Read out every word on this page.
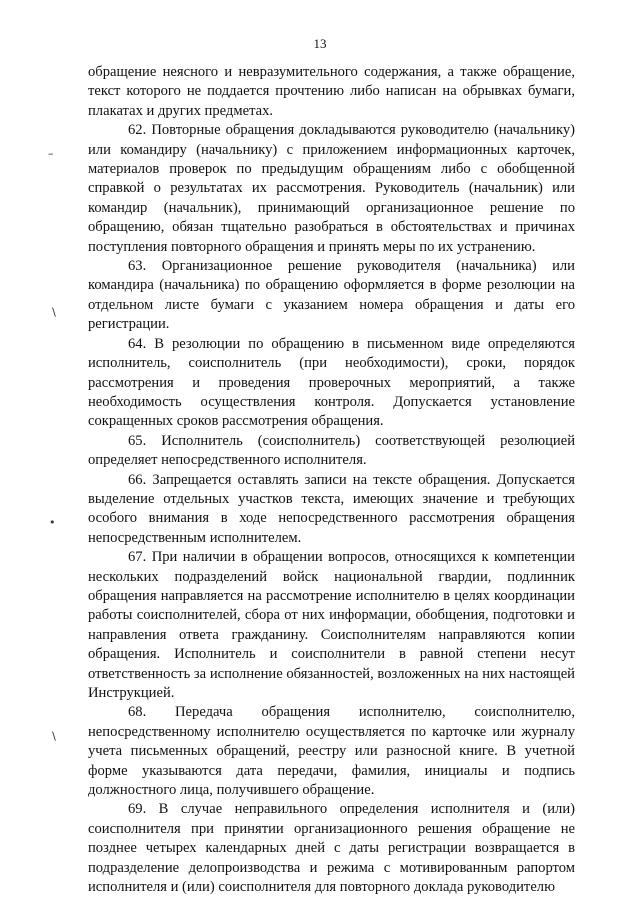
13
–
∖
•
∖

обращение неясного и невразумительного содержания, а также обращение, текст которого не поддается прочтению либо написан на обрывках бумаги, плакатах и других предметах.

62. Повторные обращения докладываются руководителю (начальнику) или командиру (начальнику) с приложением информационных карточек, материалов проверок по предыдущим обращениям либо с обобщенной справкой о результатах их рассмотрения. Руководитель (начальник) или командир (начальник), принимающий организационное решение по обращению, обязан тщательно разобраться в обстоятельствах и причинах поступления повторного обращения и принять меры по их устранению.

63. Организационное решение руководителя (начальника) или командира (начальника) по обращению оформляется в форме резолюции на отдельном листе бумаги с указанием номера обращения и даты его регистрации.

64. В резолюции по обращению в письменном виде определяются исполнитель, соисполнитель (при необходимости), сроки, порядок рассмотрения и проведения проверочных мероприятий, а также необходимость осуществления контроля. Допускается установление сокращенных сроков рассмотрения обращения.

65. Исполнитель (соисполнитель) соответствующей резолюцией определяет непосредственного исполнителя.

66. Запрещается оставлять записи на тексте обращения. Допускается выделение отдельных участков текста, имеющих значение и требующих особого внимания в ходе непосредственного рассмотрения обращения непосредственным исполнителем.

67. При наличии в обращении вопросов, относящихся к компетенции нескольких подразделений войск национальной гвардии, подлинник обращения направляется на рассмотрение исполнителю в целях координации работы соисполнителей, сбора от них информации, обобщения, подготовки и направления ответа гражданину. Соисполнителям направляются копии обращения. Исполнитель и соисполнители в равной степени несут ответственность за исполнение обязанностей, возложенных на них настоящей Инструкцией.

68. Передача обращения исполнителю, соисполнителю, непосредственному исполнителю осуществляется по карточке или журналу учета письменных обращений, реестру или разносной книге. В учетной форме указываются дата передачи, фамилия, инициалы и подпись должностного лица, получившего обращение.

69. В случае неправильного определения исполнителя и (или) соисполнителя при принятии организационного решения обращение не позднее четырех календарных дней с даты регистрации возвращается в подразделение делопроизводства и режима с мотивированным рапортом исполнителя и (или) соисполнителя для повторного доклада руководителю
